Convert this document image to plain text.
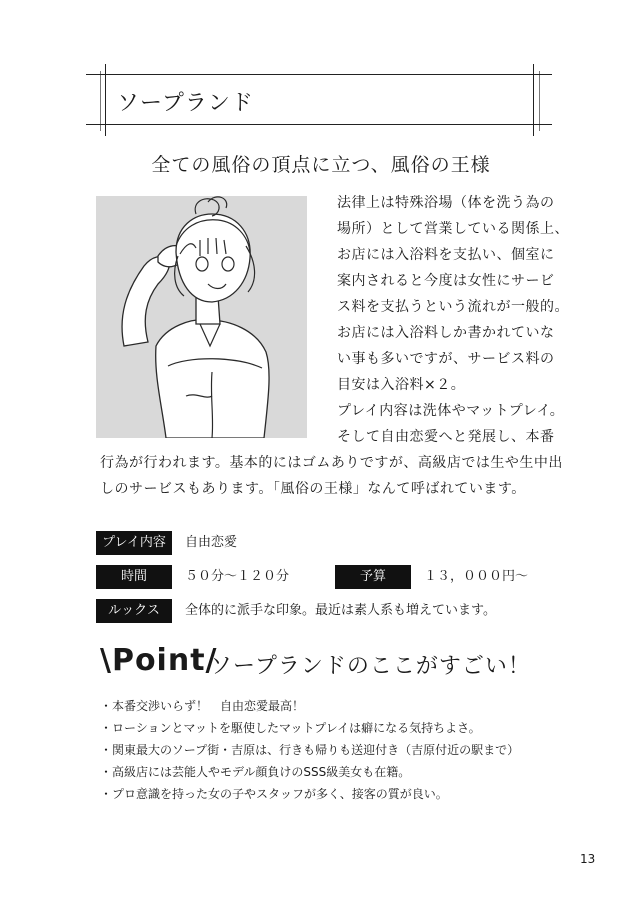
ソープランド
全ての風俗の頂点に立つ、風俗の王様
法律上は特殊浴場（体を洗う為の
場所）として営業している関係上、
お店には入浴料を支払い、個室に
案内されると今度は女性にサービ
ス料を支払うという流れが一般的。
お店には入浴料しか書かれていな
い事も多いですが、サービス料の
目安は入浴料×２。
プレイ内容は洗体やマットプレイ。
そして自由恋愛へと発展し、本番
行為が行われます。基本的にはゴムありですが、高級店では生や生中出
しのサービスもあります。「風俗の王様」なんて呼ばれています。
プレイ内容	自由恋愛
時間	５０分～１２０分	予算	１３，０００円～
ルックス	全体的に派手な印象。最近は素人系も増えています。
\Point/
ソープランドのここがすごい！
・本番交渉いらず！　自由恋愛最高！
・ローションとマットを駆使したマットプレイは癖になる気持ちよさ。
・関東最大のソープ街・吉原は、行きも帰りも送迎付き（吉原付近の駅まで）
・高級店には芸能人やモデル顔負けのSSS級美女も在籍。
・プロ意識を持った女の子やスタッフが多く、接客の質が良い。
13
